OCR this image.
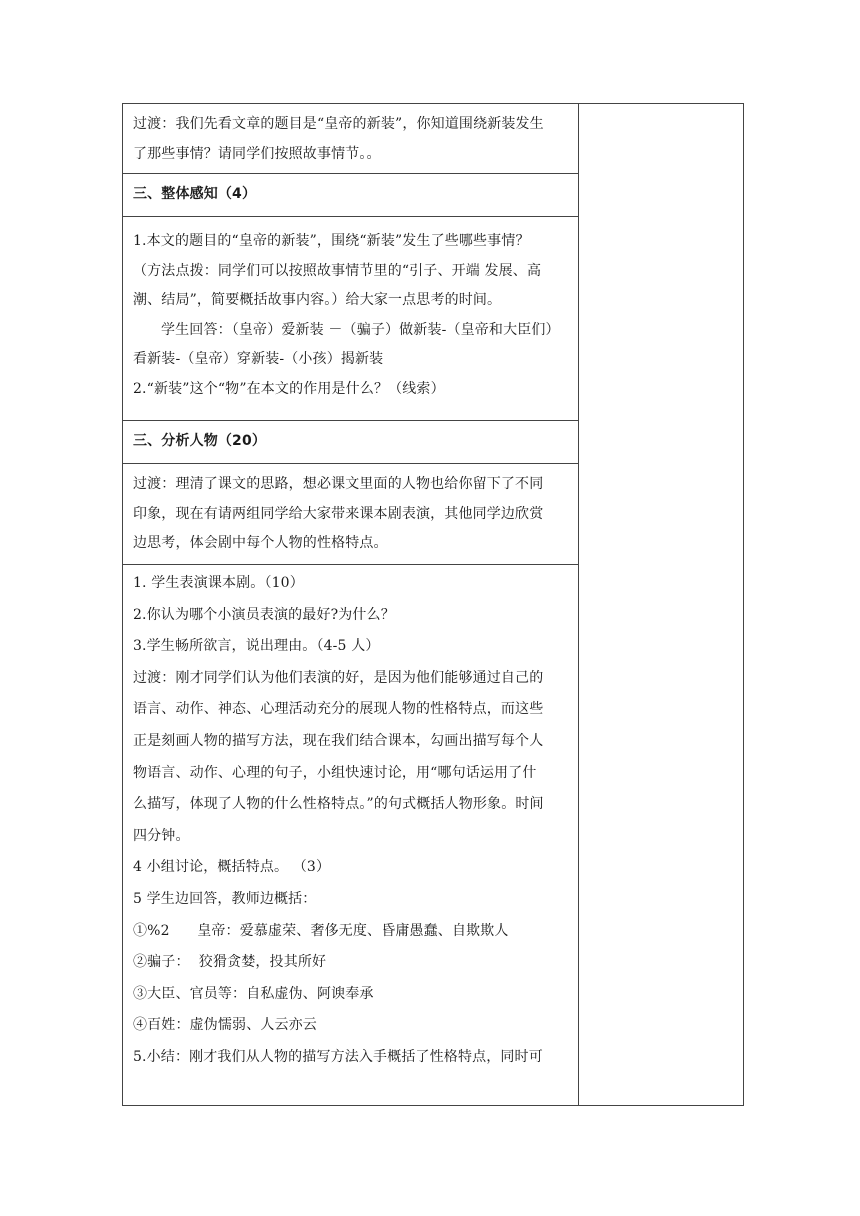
过渡：我们先看文章的题目是“皇帝的新装”，你知道围绕新装发生
了那些事情？请同学们按照故事情节。。
三、整体感知（4）
1.本文的题目的“皇帝的新装”，围绕“新装”发生了些哪些事情？
（方法点拨：同学们可以按照故事情节里的“引子、开端 发展、高
潮、结局”，简要概括故事内容。）给大家一点思考的时间。
学生回答：（皇帝）爱新装 －（骗子）做新装-（皇帝和大臣们）
看新装-（皇帝）穿新装-（小孩）揭新装
2.“新装”这个“物”在本文的作用是什么？（线索）
三、分析人物（20）
过渡：理清了课文的思路，想必课文里面的人物也给你留下了不同
印象，现在有请两组同学给大家带来课本剧表演，其他同学边欣赏
边思考，体会剧中每个人物的性格特点。
1. 学生表演课本剧。（10）
2.你认为哪个小演员表演的最好?为什么？
3.学生畅所欲言，说出理由。（4-5 人）
过渡：刚才同学们认为他们表演的好，是因为他们能够通过自己的
语言、动作、神态、心理活动充分的展现人物的性格特点，而这些
正是刻画人物的描写方法，现在我们结合课本，勾画出描写每个人
物语言、动作、心理的句子，小组快速讨论，用“哪句话运用了什
么描写，体现了人物的什么性格特点。”的句式概括人物形象。时间
四分钟。
4 小组讨论，概括特点。 （3）
5 学生边回答，教师边概括：
①%2      皇帝：爱慕虚荣、奢侈无度、昏庸愚蠢、自欺欺人
②骗子：  狡猾贪婪，投其所好
③大臣、官员等：自私虚伪、阿谀奉承
④百姓：虚伪懦弱、人云亦云
5.小结：刚才我们从人物的描写方法入手概括了性格特点，同时可
